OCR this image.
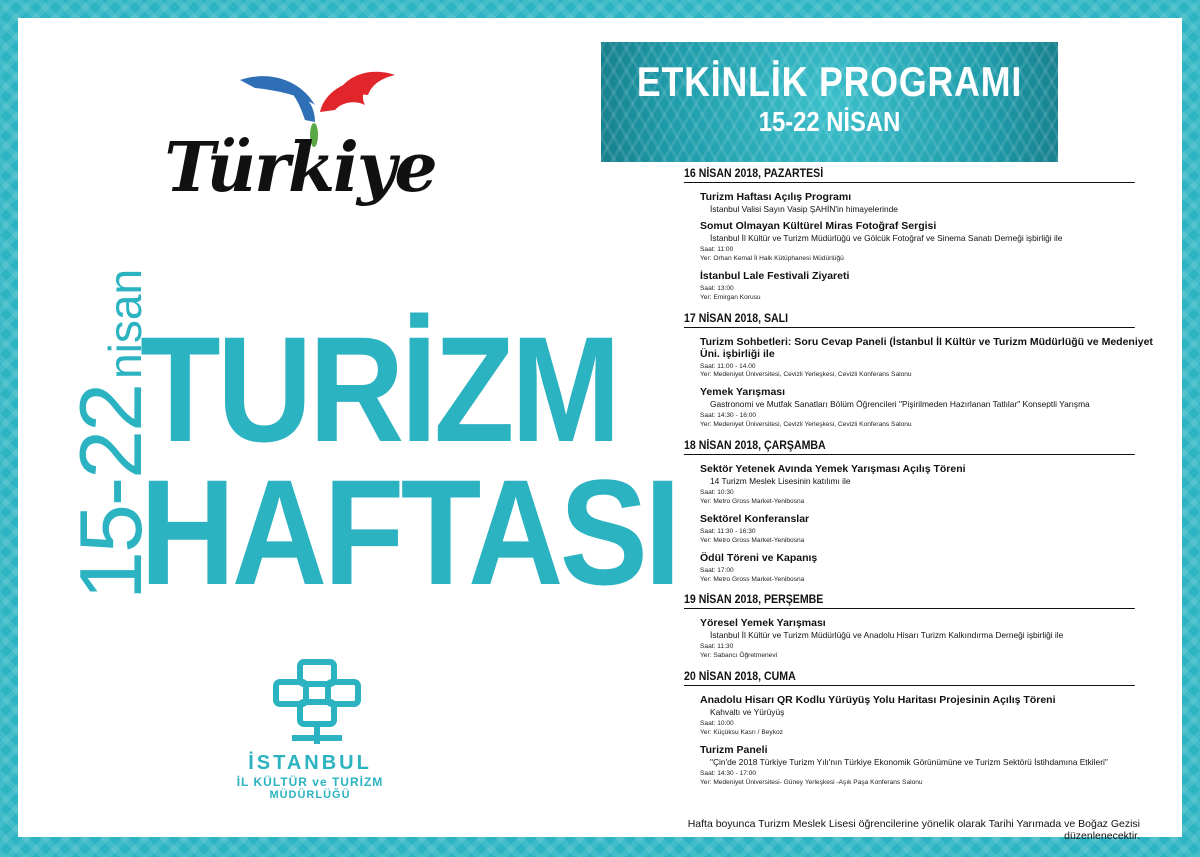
Türkiye
15-22nisan
TURİZM
HAFTASI
İSTANBUL
İL KÜLTÜR ve TURİZM
MÜDÜRLÜĞÜ
ETKİNLİK PROGRAMI
15-22 NİSAN
16 NİSAN 2018, PAZARTESİ
Turizm Haftası Açılış Programı
İstanbul Valisi Sayın Vasip ŞAHİN'in himayelerinde
Somut Olmayan Kültürel Miras Fotoğraf Sergisi
İstanbul İl Kültür ve Turizm Müdürlüğü ve Gölcük Fotoğraf ve Sinema Sanatı Derneği işbirliği ile
Saat: 11:00
Yer: Orhan Kemal İl Halk Kütüphanesi Müdürlüğü
İstanbul Lale Festivali Ziyareti
Saat: 13:00
Yer: Emirgan Korusu
17 NİSAN 2018, SALI
Turizm Sohbetleri: Soru Cevap Paneli (İstanbul İl Kültür ve Turizm Müdürlüğü ve Medeniyet Üni. işbirliği ile
Saat: 11:00 - 14.00
Yer: Medeniyet Üniversitesi, Cevizli Yerleşkesi, Cevizli Konferans Salonu
Yemek Yarışması
Gastronomi ve Mutfak Sanatları Bölüm Öğrencileri "Pişirilmeden Hazırlanan Tatlılar" Konseptli Yarışma
Saat: 14:30 - 16:00
Yer: Medeniyet Üniversitesi, Cevizli Yerleşkesi, Cevizli Konferans Salonu
18 NİSAN 2018, ÇARŞAMBA
Sektör Yetenek Avında Yemek Yarışması Açılış Töreni
14 Turizm Meslek Lisesinin katılımı ile
Saat: 10:30
Yer: Metro Gross Market-Yenibosna
Sektörel Konferanslar
Saat: 11:30 - 16:30
Yer: Metro Gross Market-Yenibosna
Ödül Töreni ve Kapanış
Saat: 17:00
Yer: Metro Gross Market-Yenibosna
19 NİSAN 2018, PERŞEMBE
Yöresel Yemek Yarışması
İstanbul İl Kültür ve Turizm Müdürlüğü ve Anadolu Hisarı Turizm Kalkındırma Derneği işbirliği ile
Saat: 11:30
Yer: Sabancı Öğretmeneví
20 NİSAN 2018, CUMA
Anadolu Hisarı QR Kodlu Yürüyüş Yolu Haritası Projesinin Açılış Töreni
Kahvaltı ve Yürüyüş
Saat: 10:00
Yer: Küçüksu Kasrı / Beykoz
Turizm Paneli
"Çin'de 2018 Türkiye Turizm Yılı'nın Türkiye Ekonomik Görünümüne ve Turizm Sektörü İstihdamına Etkileri"
Saat: 14:30 - 17:00
Yer: Medeniyet Üniversitesi- Güney Yerleşkesi -Aşık Paşa Konferans Salonu
Hafta boyunca Turizm Meslek Lisesi öğrencilerine yönelik olarak Tarihi Yarımada ve Boğaz Gezisi düzenlenecektir.
